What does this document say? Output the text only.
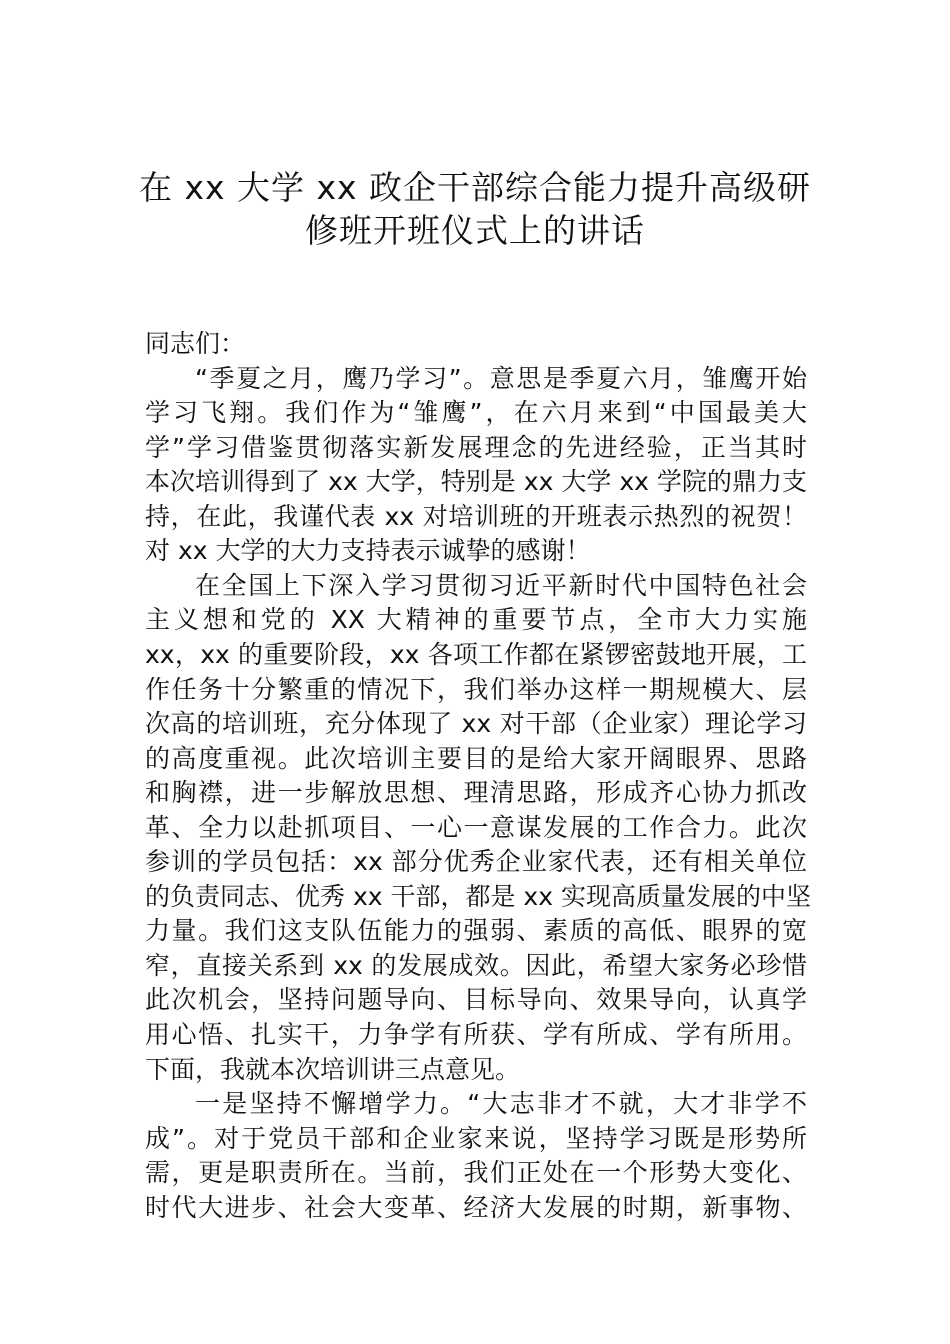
在 xx 大学 xx 政企干部综合能力提升高级研
修班开班仪式上的讲话
同志们：
“季夏之月，鹰乃学习”。意思是季夏六月，雏鹰开始
学习飞翔。我们作为“雏鹰”，在六月来到“中国最美大
学”学习借鉴贯彻落实新发展理念的先进经验，正当其时
本次培训得到了 xx 大学，特别是 xx 大学 xx 学院的鼎力支
持，在此，我谨代表 xx 对培训班的开班表示热烈的祝贺！
对 xx 大学的大力支持表示诚挚的感谢！
在全国上下深入学习贯彻习近平新时代中国特色社会
主义想和党的 XX 大精神的重要节点，全市大力实施
xx，xx 的重要阶段，xx 各项工作都在紧锣密鼓地开展，工
作任务十分繁重的情况下，我们举办这样一期规模大、层
次高的培训班，充分体现了 xx 对干部（企业家）理论学习
的高度重视。此次培训主要目的是给大家开阔眼界、思路
和胸襟，进一步解放思想、理清思路，形成齐心协力抓改
革、全力以赴抓项目、一心一意谋发展的工作合力。此次
参训的学员包括：xx 部分优秀企业家代表，还有相关单位
的负责同志、优秀 xx 干部，都是 xx 实现高质量发展的中坚
力量。我们这支队伍能力的强弱、素质的高低、眼界的宽
窄，直接关系到 xx 的发展成效。因此，希望大家务必珍惜
此次机会，坚持问题导向、目标导向、效果导向，认真学
用心悟、扎实干，力争学有所获、学有所成、学有所用。
下面，我就本次培训讲三点意见。
一是坚持不懈增学力。“大志非才不就，大才非学不
成”。对于党员干部和企业家来说，坚持学习既是形势所
需，更是职责所在。当前，我们正处在一个形势大变化、
时代大进步、社会大变革、经济大发展的时期，新事物、
